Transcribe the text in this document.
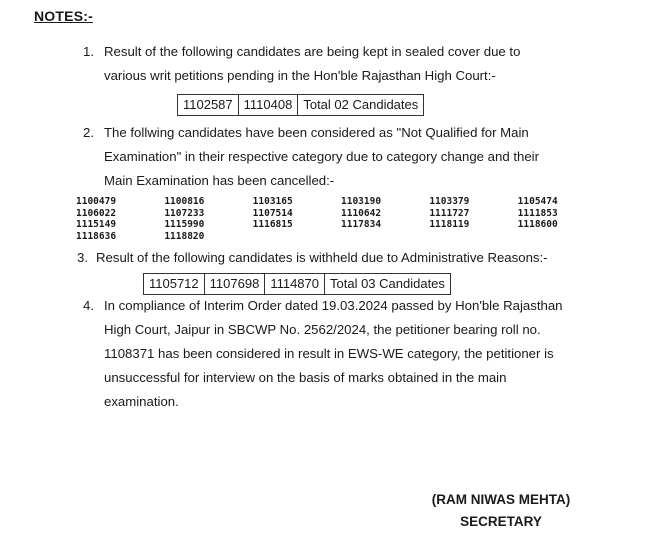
NOTES:-
1. Result of the following candidates are being kept in sealed cover due to
various writ petitions pending in the Hon'ble Rajasthan High Court:-
1102587 1110408 Total 02 Candidates
2. The follwing candidates have been considered as "Not Qualified for Main
Examination" in their respective category due to category change and their
Main Examination has been cancelled:-
1100479	1100816	1103165	1103190	1103379	1105474
1106022	1107233	1107514	1110642	1111727	1111853
1115149	1115990	1116815	1117834	1118119	1118600
1118636	1118820
3. Result of the following candidates is withheld due to Administrative Reasons:-
1105712 1107698 1114870 Total 03 Candidates
4. In compliance of Interim Order dated 19.03.2024 passed by Hon'ble Rajasthan
High Court, Jaipur in SBCWP No. 2562/2024, the petitioner bearing roll no.
1108371 has been considered in result in EWS-WE category, the petitioner is
unsuccessful for interview on the basis of marks obtained in the main
examination.
(RAM NIWAS MEHTA)
SECRETARY
